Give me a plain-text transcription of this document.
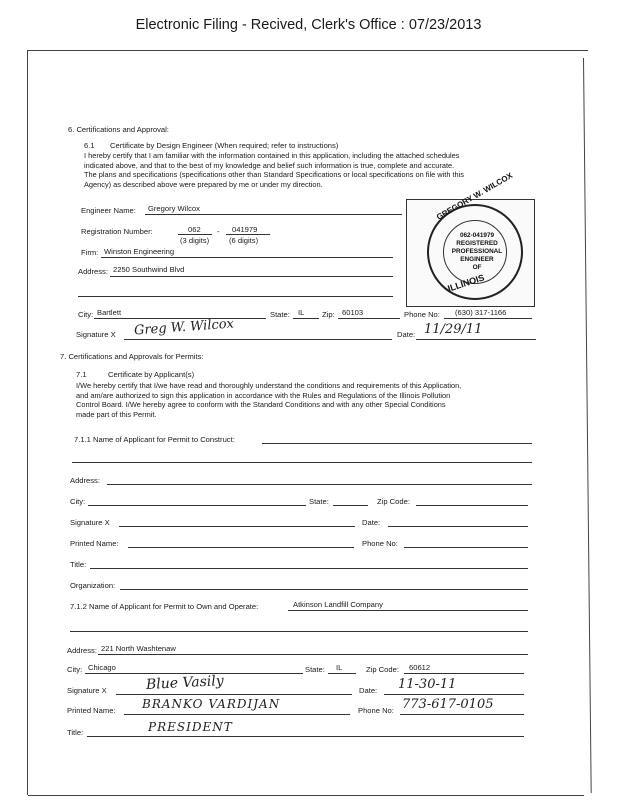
Electronic Filing - Recived, Clerk's Office : 07/23/2013
6. Certifications and Approval:
6.1 Certificate by Design Engineer (When required; refer to instructions)
I hereby certify that I am familiar with the information contained in this application, including the attached schedules
indicated above, and that to the best of my knowledge and belief such information is true, complete and accurate.
The plans and specifications (specifications other than Standard Specifications or local specifications on file with this
Agency) as described above were prepared by me or under my direction.
Engineer Name: Gregory Wilcox
Registration Number:	062 - 041979
(3 digits)	(6 digits)
Firm: Winston Engineering
Address: 2250 Southwind Blvd
City: Bartlett	State: IL Zip: 60103	Phone No: (630) 317-1166
Signature X Greg W. Wilcox	Date: 11/29/11
062-041979
REGISTERED
PROFESSIONAL
ENGINEER
OF
GREGORY W. WILCOX
ILLINOIS
7. Certifications and Approvals for Permits:
7.1	Certificate by Applicant(s)
I/We hereby certify that I/we have read and thoroughly understand the conditions and requirements of this Application,
and am/are authorized to sign this application in accordance with the Rules and Regulations of the Illinois Pollution
Control Board. I/We hereby agree to conform with the Standard Conditions and with any other Special Conditions
made part of this Permit.
7.1.1 Name of Applicant for Permit to Construct:
Address:
City:	State:	Zip Code:
Signature X	Date:
Printed Name:	Phone No:
Title:
Organization:
7.1.2 Name of Applicant for Permit to Own and Operate:	Atkinson Landfill Company
Address: 221 North Washtenaw
City: Chicago	State: IL	Zip Code: 60612
Signature X	Blue Vasily	Date: 11-30-11
Printed Name: BRANKO VARDIJAN	Phone No: 773-617-0105
Title:	PRESIDENT
